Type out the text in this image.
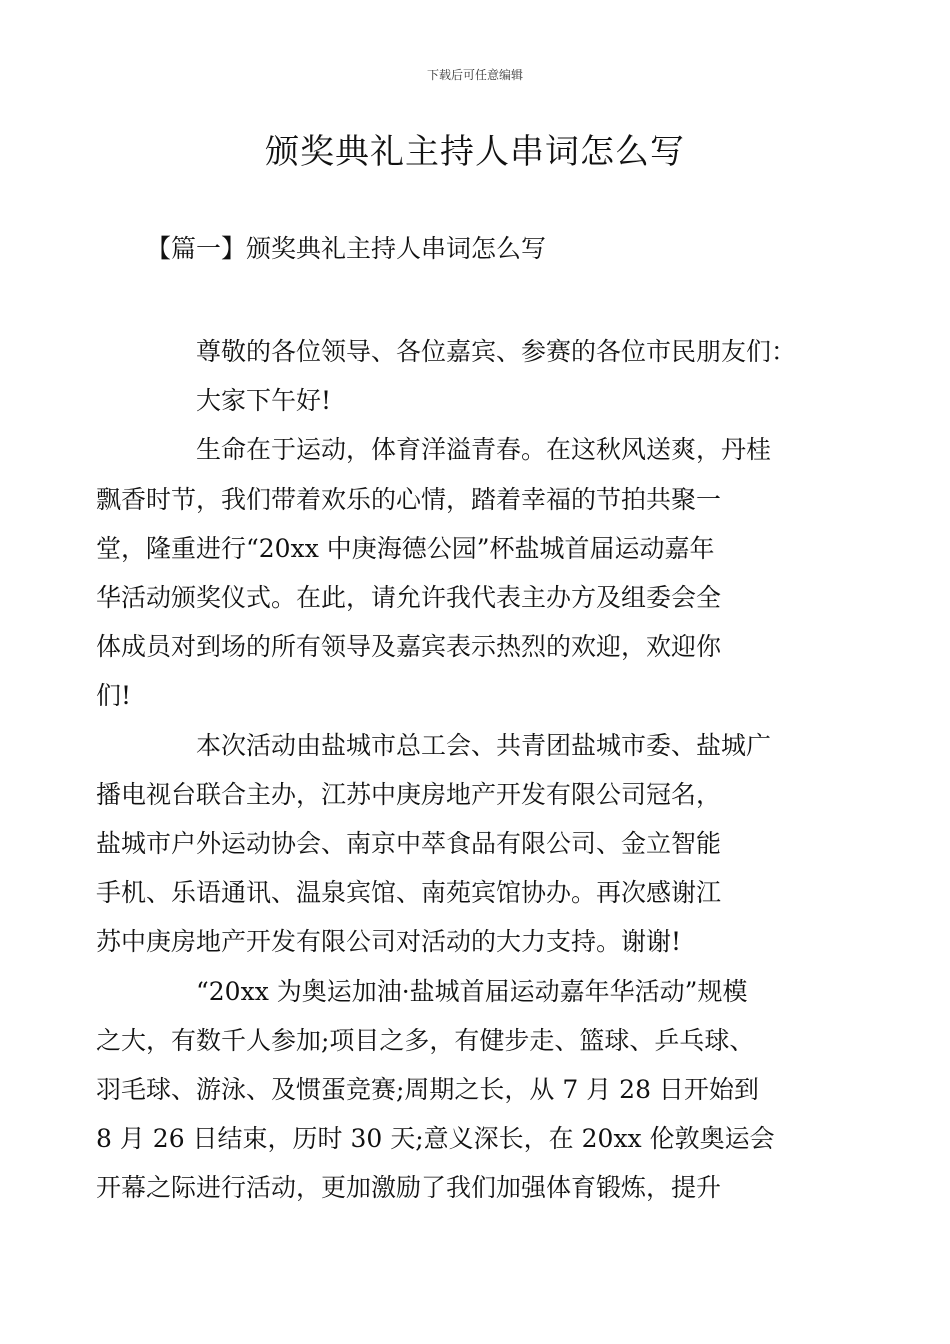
下载后可任意编辑
颁奖典礼主持人串词怎么写
【篇一】颁奖典礼主持人串词怎么写

尊敬的各位领导、各位嘉宾、参赛的各位市民朋友们：

大家下午好!

生命在于运动，体育洋溢青春。在这秋风送爽，丹桂
飘香时节，我们带着欢乐的心情，踏着幸福的节拍共聚一
堂，隆重进行“20xx 中庚海德公园”杯盐城首届运动嘉年
华活动颁奖仪式。在此，请允许我代表主办方及组委会全
体成员对到场的所有领导及嘉宾表示热烈的欢迎，欢迎你
们!

本次活动由盐城市总工会、共青团盐城市委、盐城广
播电视台联合主办，江苏中庚房地产开发有限公司冠名，
盐城市户外运动协会、南京中萃食品有限公司、金立智能
手机、乐语通讯、温泉宾馆、南苑宾馆协办。再次感谢江
苏中庚房地产开发有限公司对活动的大力支持。谢谢!

“20xx 为奥运加油·盐城首届运动嘉年华活动”规模
之大，有数千人参加;项目之多，有健步走、篮球、乒乓球、
羽毛球、游泳、及惯蛋竞赛;周期之长，从 7 月 28 日开始到
8 月 26 日结束，历时 30 天;意义深长，在 20xx 伦敦奥运会
开幕之际进行活动，更加激励了我们加强体育锻炼，提升
